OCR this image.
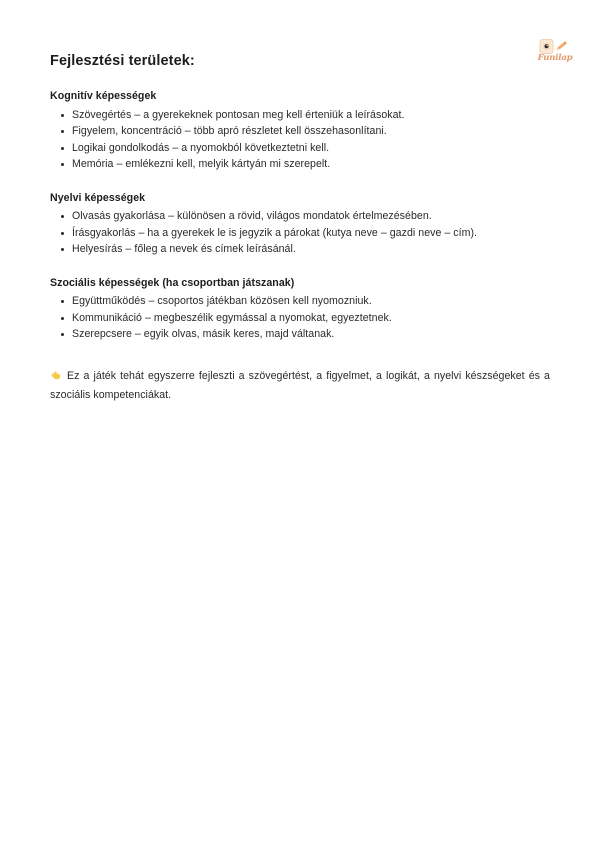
Funilap
Fejlesztési területek:
Kognitív képességek
Szövegértés – a gyerekeknek pontosan meg kell érteniük a leírásokat.
Figyelem, koncentráció – több apró részletet kell összehasonlítani.
Logikai gondolkodás – a nyomokból következtetni kell.
Memória – emlékezni kell, melyik kártyán mi szerepelt.
Nyelvi képességek
Olvasás gyakorlása – különösen a rövid, világos mondatok értelmezésében.
Írásgyakorlás – ha a gyerekek le is jegyzik a párokat (kutya neve – gazdi neve – cím).
Helyesírás – főleg a nevek és címek leírásánál.
Szociális képességek (ha csoportban játszanak)
Együttműködés – csoportos játékban közösen kell nyomozniuk.
Kommunikáció – megbeszélik egymással a nyomokat, egyeztetnek.
Szerepcsere – egyik olvas, másik keres, majd váltanak.

Ez a játék tehát egyszerre fejleszti a szövegértést, a figyelmet, a logikát, a nyelvi készségeket és a szociális kompetenciákat.
